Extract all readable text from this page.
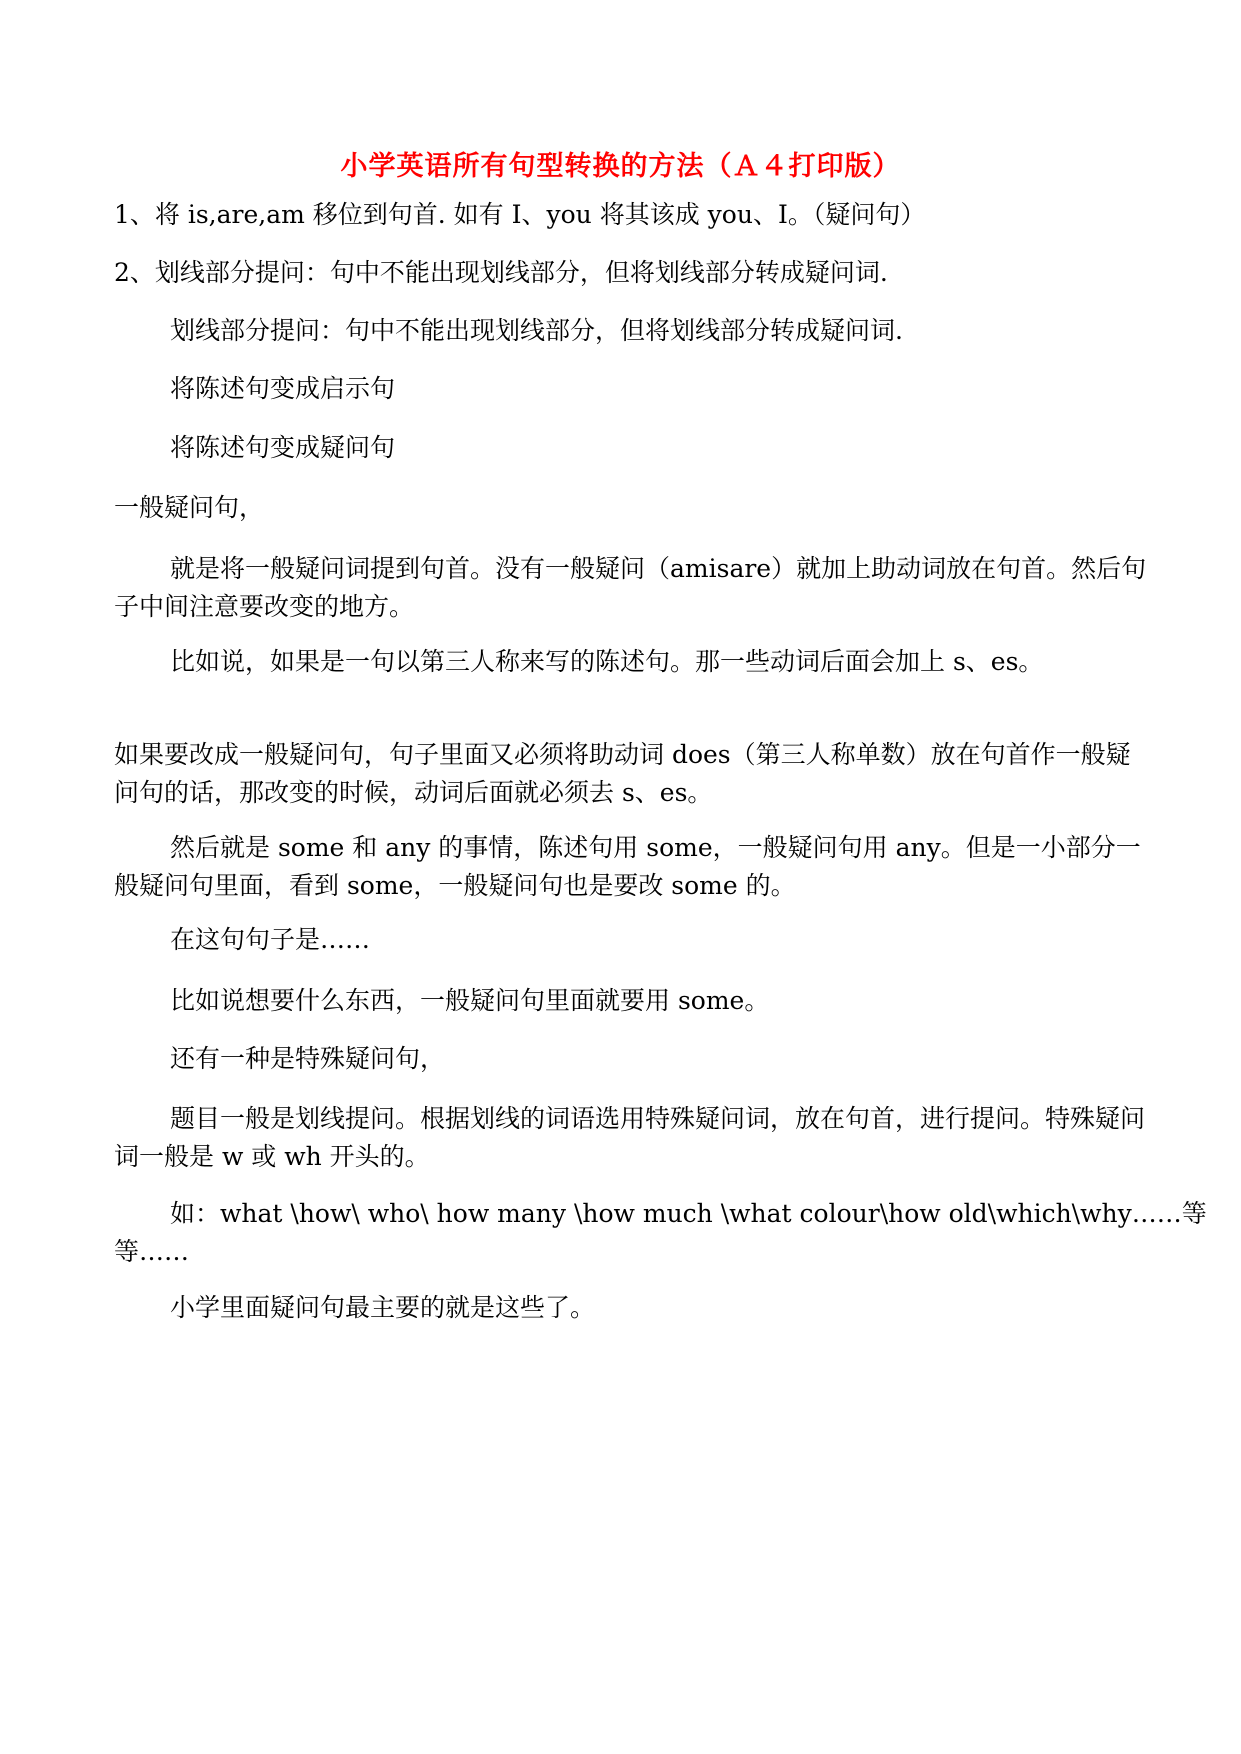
小学英语所有句型转换的方法（Ａ４打印版）
1、将 is,are,am 移位到句首. 如有 I、you 将其该成 you、I。（疑问句）
2、划线部分提问：句中不能出现划线部分，但将划线部分转成疑问词.
划线部分提问：句中不能出现划线部分，但将划线部分转成疑问词.
将陈述句变成启示句
将陈述句变成疑问句
一般疑问句，
就是将一般疑问词提到句首。没有一般疑问（amisare）就加上助动词放在句首。然后句子中间注意要改变的地方。
比如说，如果是一句以第三人称来写的陈述句。那一些动词后面会加上 s、es。
如果要改成一般疑问句，句子里面又必须将助动词 does（第三人称单数）放在句首作一般疑问句的话，那改变的时候，动词后面就必须去 s、es。
然后就是 some 和 any 的事情，陈述句用 some，一般疑问句用 any。但是一小部分一般疑问句里面，看到 some，一般疑问句也是要改 some 的。
在这句句子是……
比如说想要什么东西，一般疑问句里面就要用 some。
还有一种是特殊疑问句，
题目一般是划线提问。根据划线的词语选用特殊疑问词，放在句首，进行提问。特殊疑问词一般是 w 或 wh 开头的。
如：what \how\ who\ how many \how much \what colour\how old\which\why……等等……
小学里面疑问句最主要的就是这些了。
